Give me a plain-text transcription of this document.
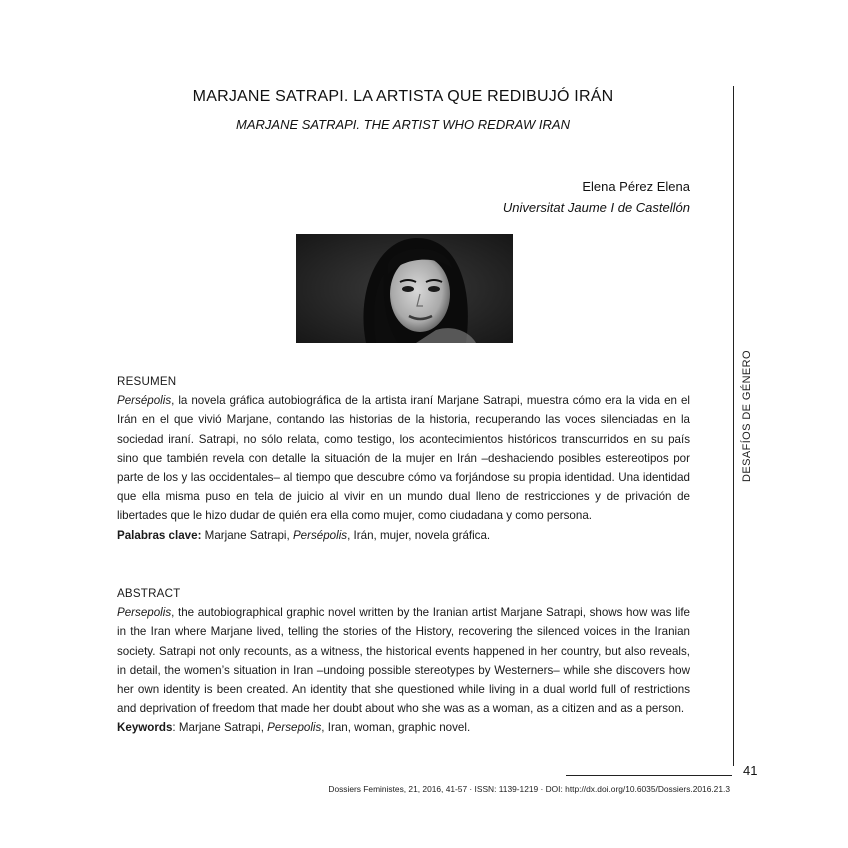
MARJANE SATRAPI. LA ARTISTA QUE REDIBUJÓ IRÁN
MARJANE SATRAPI. THE ARTIST WHO REDRAW IRAN
Elena Pérez Elena
Universitat Jaume I de Castellón
DESAFÍOS DE GÉNERO
RESUMEN

Persépolis, la novela gráfica autobiográfica de la artista iraní Marjane Satrapi, muestra cómo era la vida en el Irán en el que vivió Marjane, contando las historias de la historia, recuperando las voces silenciadas en la sociedad iraní. Satrapi, no sólo relata, como testigo, los acontecimientos históricos transcurridos en su país sino que también revela con detalle la situación de la mujer en Irán –deshaciendo posibles estereotipos por parte de los y las occidentales– al tiempo que descubre cómo va forjándose su propia identidad. Una identidad que ella misma puso en tela de juicio al vivir en un mundo dual lleno de restricciones y de privación de libertades que le hizo dudar de quién era ella como mujer, como ciudadana y como persona.

Palabras clave: Marjane Satrapi, Persépolis, Irán, mujer, novela gráfica.

ABSTRACT

Persepolis, the autobiographical graphic novel written by the Iranian artist Marjane Satrapi, shows how was life in the Iran where Marjane lived, telling the stories of the History, recovering the silenced voices in the Iranian society. Satrapi not only recounts, as a witness, the historical events happened in her country, but also reveals, in detail, the women’s situation in Iran –undoing possible stereotypes by Westerners– while she discovers how her own identity is been created. An identity that she questioned while living in a dual world full of restrictions and deprivation of freedom that made her doubt about who she was as a woman, as a citizen and as a person.

Keywords: Marjane Satrapi, Persepolis, Iran, woman, graphic novel.

41
Dossiers Feministes, 21, 2016, 41-57 · ISSN: 1139-1219 · DOI: http://dx.doi.org/10.6035/Dossiers.2016.21.3
